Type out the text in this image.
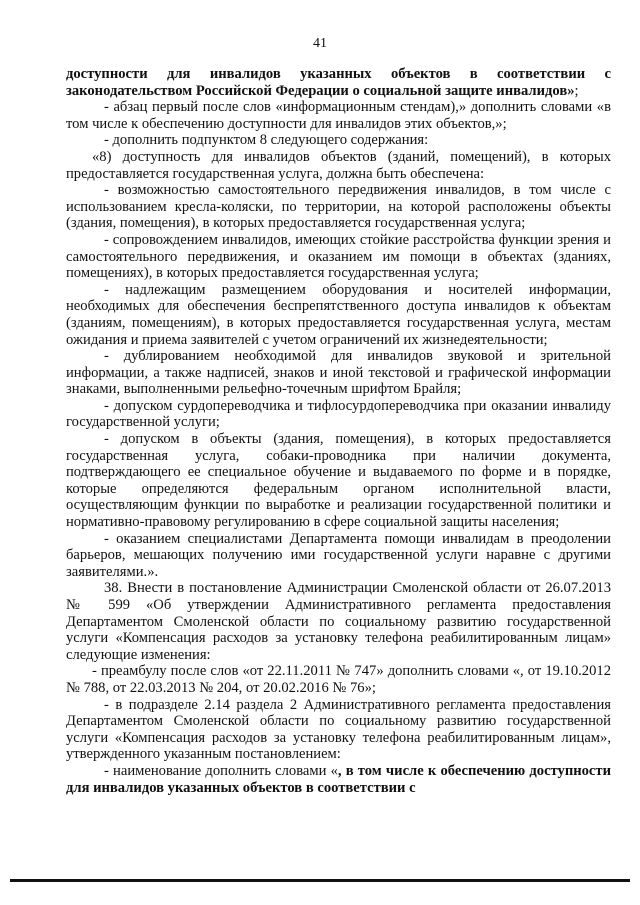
41

доступности для инвалидов указанных объектов в соответствии с законодательством Российской Федерации о социальной защите инвалидов»;

- абзац первый после слов «информационным стендам),» дополнить словами «в том числе к обеспечению доступности для инвалидов этих объектов,»;

- дополнить подпунктом 8 следующего содержания:

«8) доступность для инвалидов объектов (зданий, помещений), в которых предоставляется государственная услуга, должна быть обеспечена:

- возможностью самостоятельного передвижения инвалидов, в том числе с использованием кресла-коляски, по территории, на которой расположены объекты (здания, помещения), в которых предоставляется государственная услуга;

- сопровождением инвалидов, имеющих стойкие расстройства функции зрения и самостоятельного передвижения, и оказанием им помощи в объектах (зданиях, помещениях), в которых предоставляется государственная услуга;

- надлежащим размещением оборудования и носителей информации, необходимых для обеспечения беспрепятственного доступа инвалидов к объектам (зданиям, помещениям), в которых предоставляется государственная услуга, местам ожидания и приема заявителей с учетом ограничений их жизнедеятельности;

- дублированием необходимой для инвалидов звуковой и зрительной информации, а также надписей, знаков и иной текстовой и графической информации знаками, выполненными рельефно-точечным шрифтом Брайля;

- допуском сурдопереводчика и тифлосурдопереводчика при оказании инвалиду государственной услуги;

- допуском в объекты (здания, помещения), в которых предоставляется государственная услуга, собаки-проводника при наличии документа, подтверждающего ее специальное обучение и выдаваемого по форме и в порядке, которые определяются федеральным органом исполнительной власти, осуществляющим функции по выработке и реализации государственной политики и нормативно-правовому регулированию в сфере социальной защиты населения;

- оказанием специалистами Департамента помощи инвалидам в преодолении барьеров, мешающих получению ими государственной услуги наравне с другими заявителями.».

38. Внести в постановление Администрации Смоленской области от 26.07.2013 № 599 «Об утверждении Административного регламента предоставления Департаментом Смоленской области по социальному развитию государственной услуги «Компенсация расходов за установку телефона реабилитированным лицам» следующие изменения:

- преамбулу после слов «от 22.11.2011 № 747» дополнить словами «, от 19.10.2012 № 788, от 22.03.2013 № 204, от 20.02.2016 № 76»;

- в подразделе 2.14 раздела 2 Административного регламента предоставления Департаментом Смоленской области по социальному развитию государственной услуги «Компенсация расходов за установку телефона реабилитированным лицам», утвержденного указанным постановлением:

- наименование дополнить словами «, в том числе к обеспечению доступности для инвалидов указанных объектов в соответствии с
